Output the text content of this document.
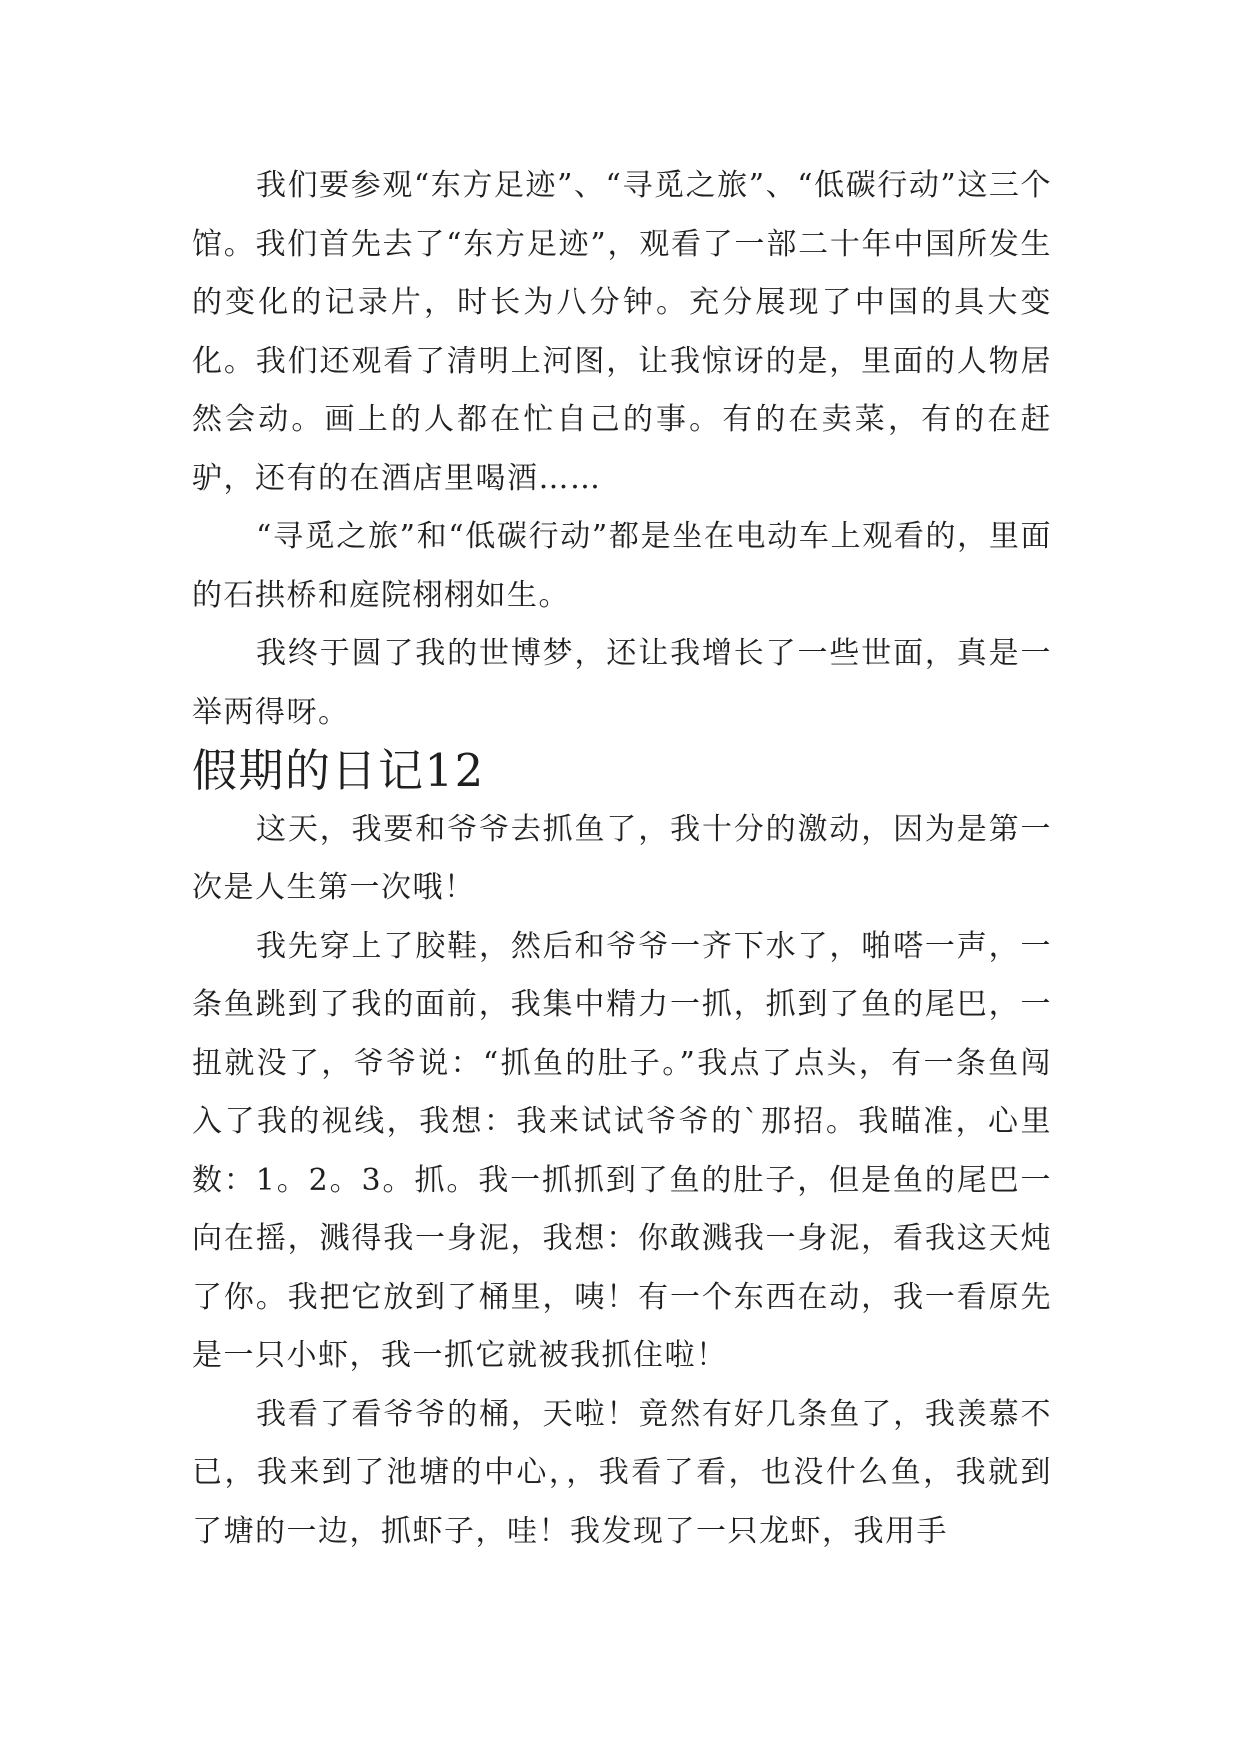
我们要参观“东方足迹”、“寻觅之旅”、“低碳行动”这三个馆。我们首先去了“东方足迹”，观看了一部二十年中国所发生的变化的记录片，时长为八分钟。充分展现了中国的具大变化。我们还观看了清明上河图，让我惊讶的是，里面的人物居然会动。画上的人都在忙自己的事。有的在卖菜，有的在赶驴，还有的在酒店里喝酒……

“寻觅之旅”和“低碳行动”都是坐在电动车上观看的，里面的石拱桥和庭院栩栩如生。

我终于圆了我的世博梦，还让我增长了一些世面，真是一举两得呀。

假期的日记12

这天，我要和爷爷去抓鱼了，我十分的激动，因为是第一次是人生第一次哦！

我先穿上了胶鞋，然后和爷爷一齐下水了，啪嗒一声，一条鱼跳到了我的面前，我集中精力一抓，抓到了鱼的尾巴，一扭就没了，爷爷说：“抓鱼的肚子。”我点了点头，有一条鱼闯入了我的视线，我想：我来试试爷爷的`那招。我瞄准，心里数：1。2。3。抓。我一抓抓到了鱼的肚子，但是鱼的尾巴一向在摇，溅得我一身泥，我想：你敢溅我一身泥，看我这天炖了你。我把它放到了桶里，咦！有一个东西在动，我一看原先是一只小虾，我一抓它就被我抓住啦！

我看了看爷爷的桶，天啦！竟然有好几条鱼了，我羡慕不已，我来到了池塘的中心，，我看了看，也没什么鱼，我就到了塘的一边，抓虾子，哇！我发现了一只龙虾，我用手
